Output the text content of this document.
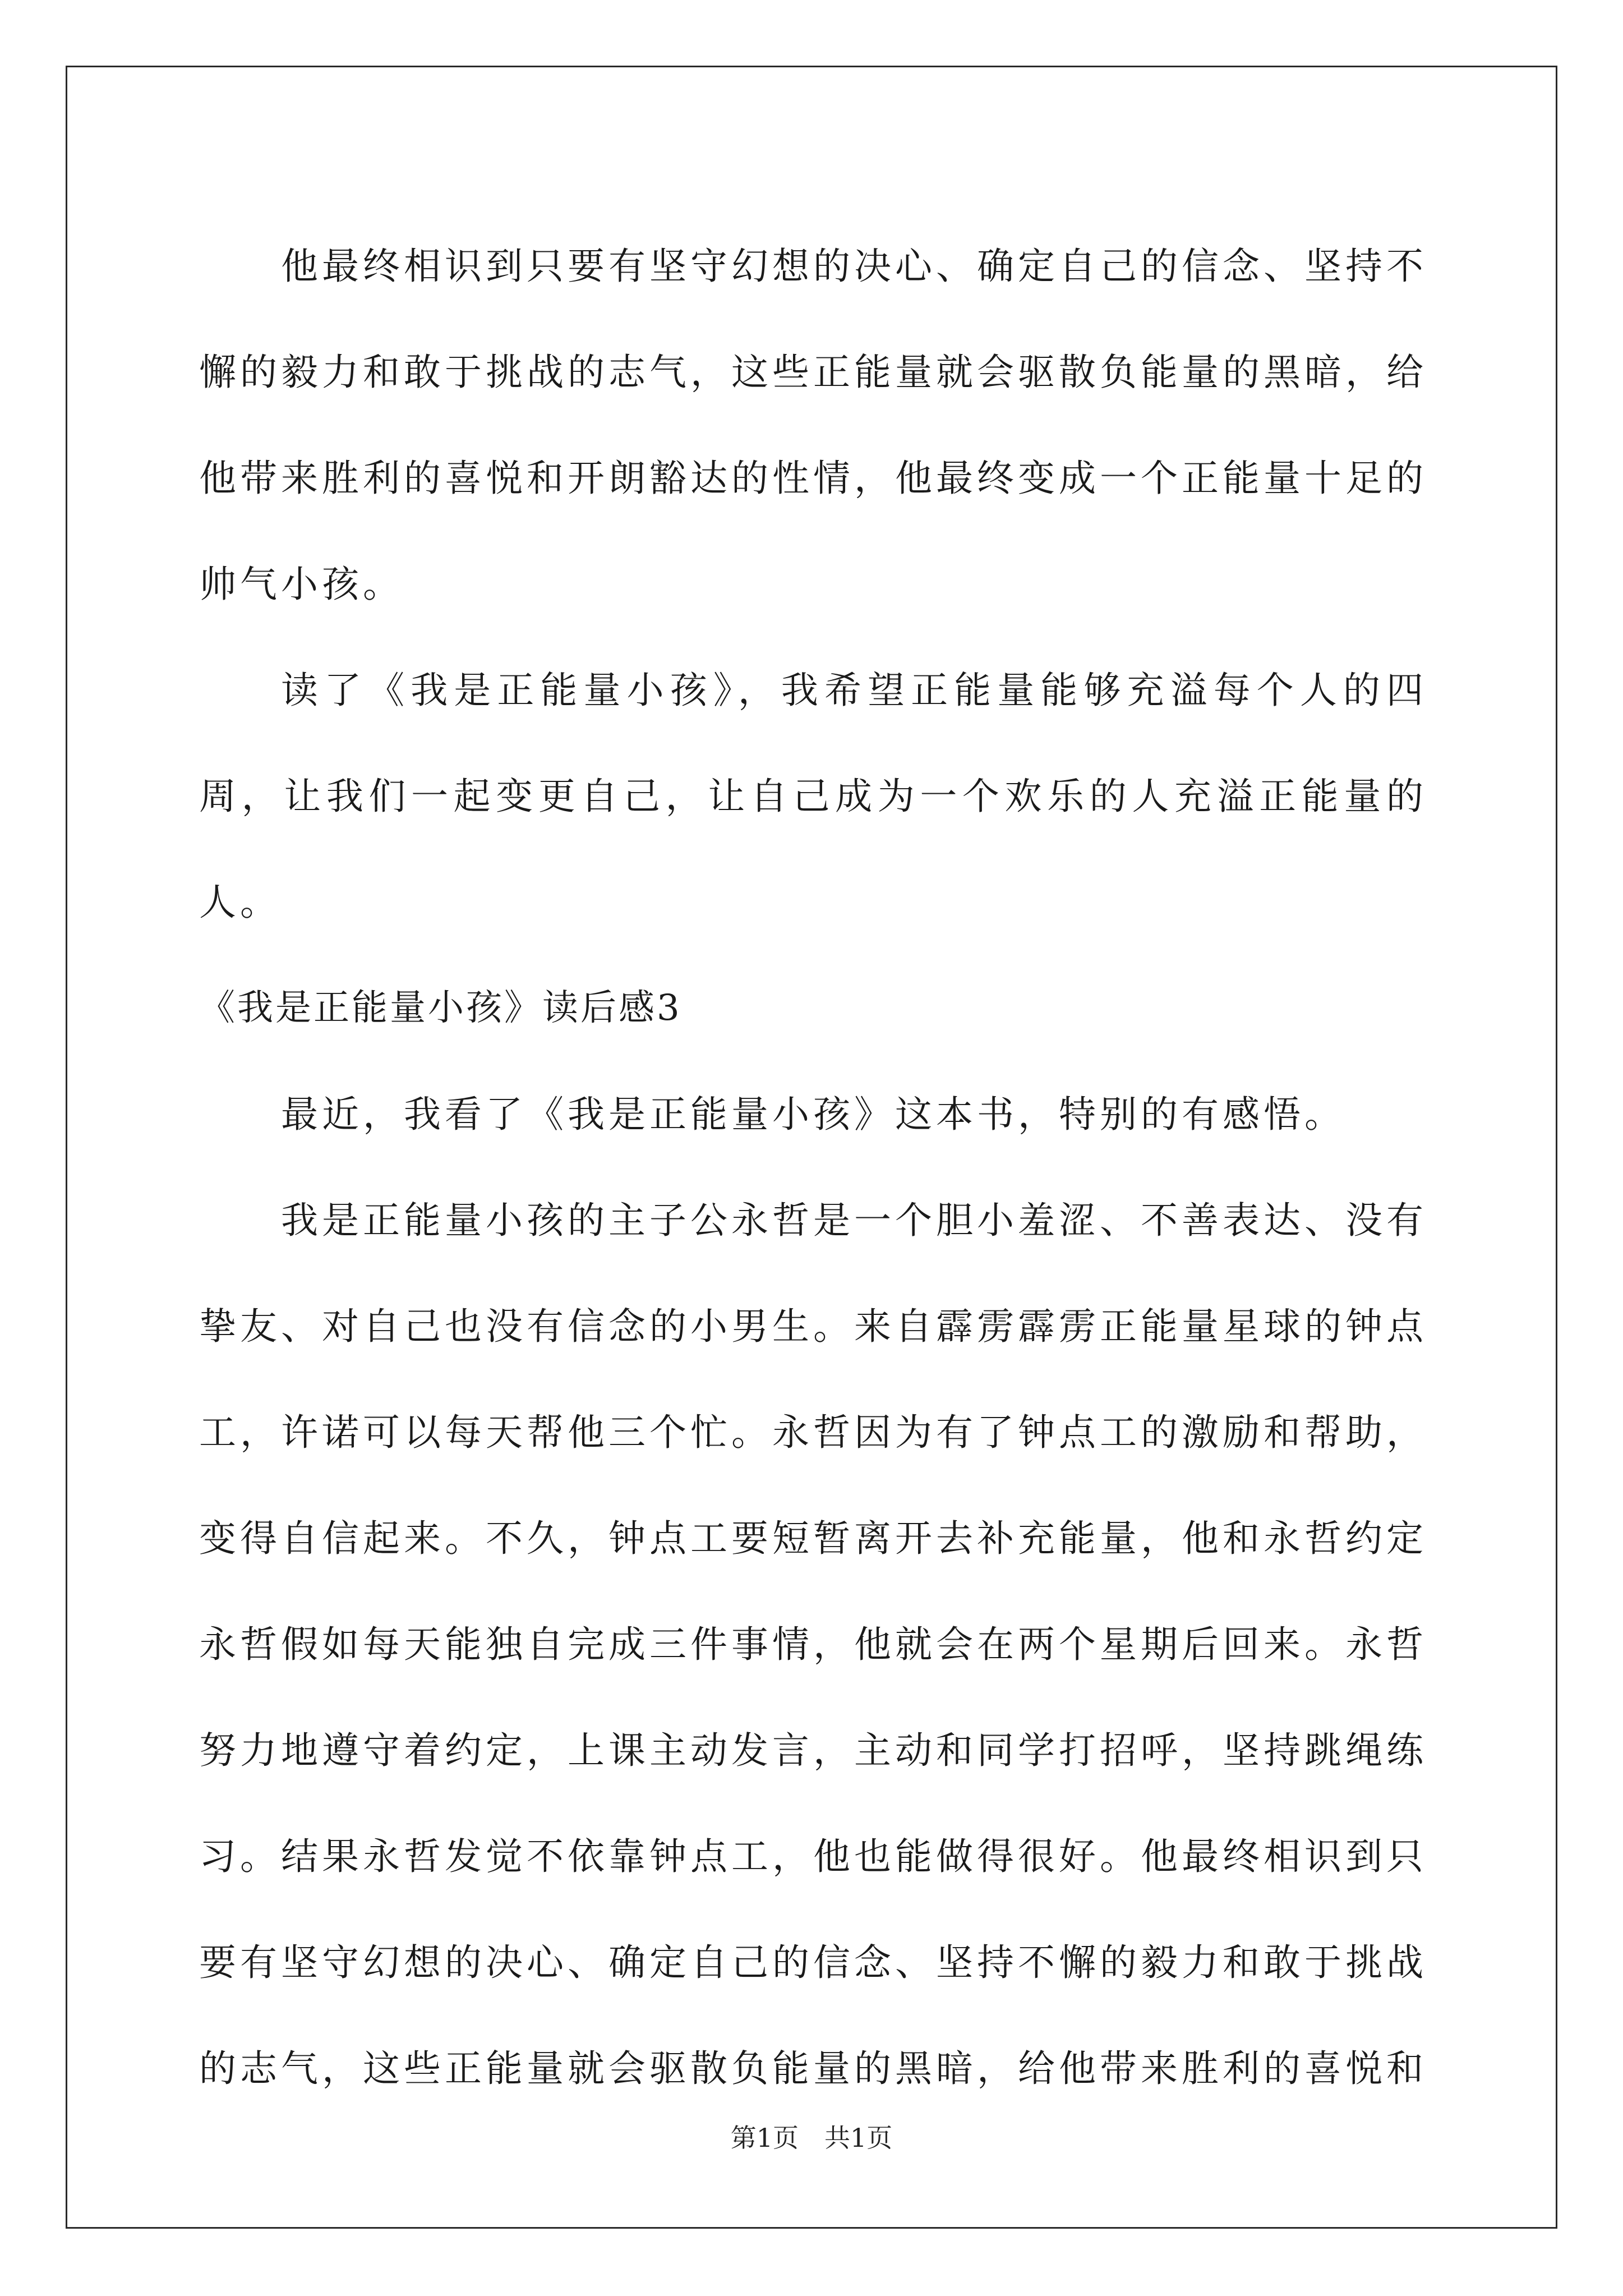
他最终相识到只要有坚守幻想的决心、确定自己的信念、坚持不懈的毅力和敢于挑战的志气，这些正能量就会驱散负能量的黑暗，给他带来胜利的喜悦和开朗豁达的性情，他最终变成一个正能量十足的帅气小孩。

读了《我是正能量小孩》，我希望正能量能够充溢每个人的四周，让我们一起变更自己，让自己成为一个欢乐的人充溢正能量的人。

《我是正能量小孩》读后感3

最近，我看了《我是正能量小孩》这本书，特别的有感悟。

我是正能量小孩的主子公永哲是一个胆小羞涩、不善表达、没有挚友、对自己也没有信念的小男生。来自霹雳霹雳正能量星球的钟点工，许诺可以每天帮他三个忙。永哲因为有了钟点工的激励和帮助，变得自信起来。不久，钟点工要短暂离开去补充能量，他和永哲约定永哲假如每天能独自完成三件事情，他就会在两个星期后回来。永哲努力地遵守着约定，上课主动发言，主动和同学打招呼，坚持跳绳练习。结果永哲发觉不依靠钟点工，他也能做得很好。他最终相识到只要有坚守幻想的决心、确定自己的信念、坚持不懈的毅力和敢于挑战的志气，这些正能量就会驱散负能量的黑暗，给他带来胜利的喜悦和

第1页 共1页
